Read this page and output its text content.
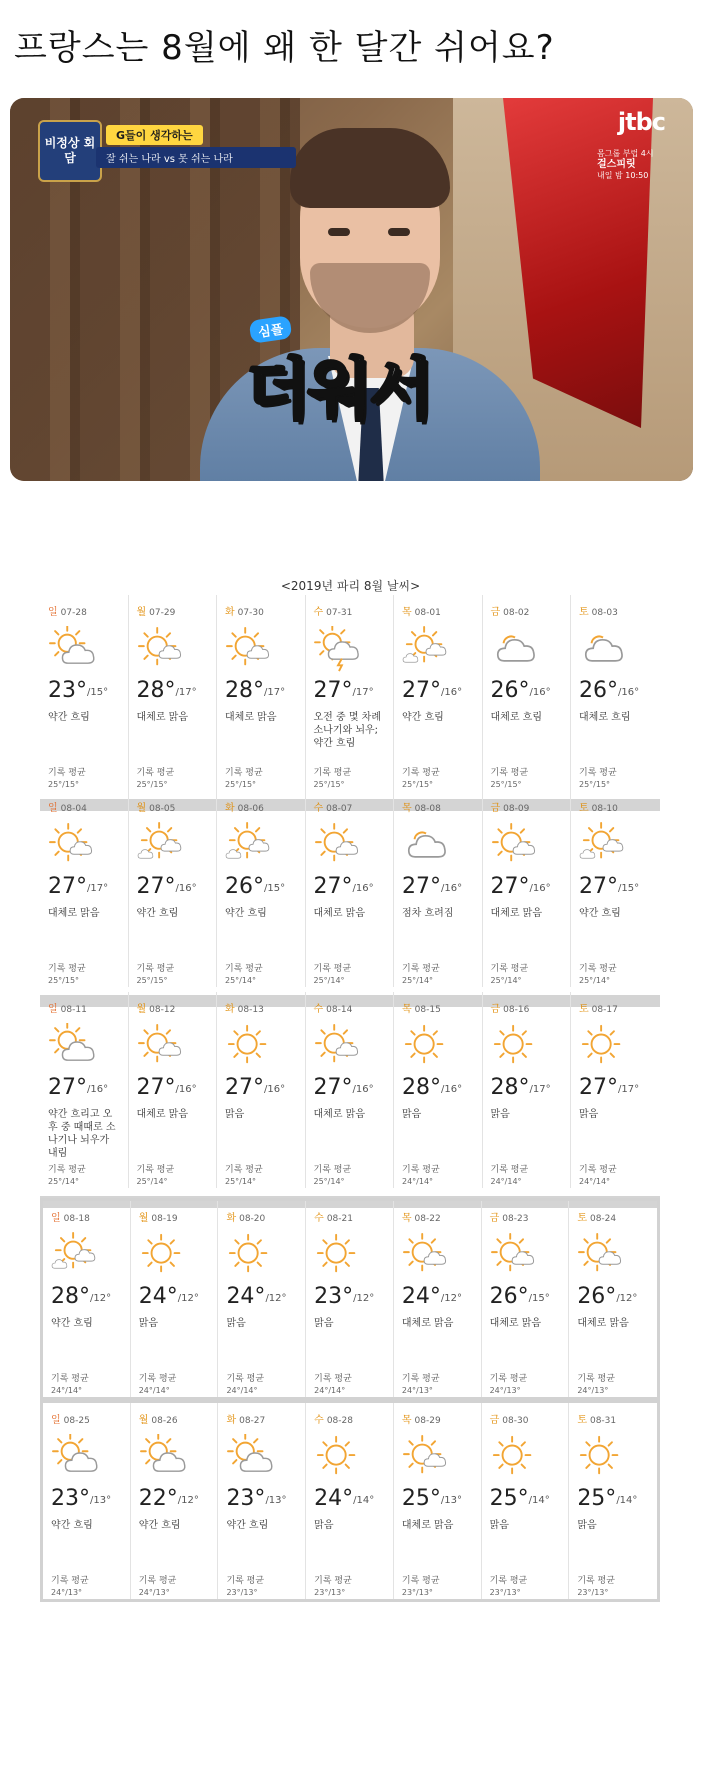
프랑스는 8월에 왜 한 달간 쉬어요?
비정상 회담
G들이 생각하는
잘 쉬는 나라 vs 못 쉬는 나라
jtbc
몸그룹 부럽 4시
걸스피릿
내일 밤 10:50
심플
더워서
<2019년 파리 8월 날씨>
일 07-28
23°/15°
약간 흐림
기록 평균
25°/15°
월 07-29
28°/17°
대체로 맑음
기록 평균
25°/15°
화 07-30
28°/17°
대체로 맑음
기록 평균
25°/15°
수 07-31
27°/17°
오전 중 몇 차례 소나기와 뇌우; 약간 흐림
기록 평균
25°/15°
목 08-01
27°/16°
약간 흐림
기록 평균
25°/15°
금 08-02
26°/16°
대체로 흐림
기록 평균
25°/15°
토 08-03
26°/16°
대체로 흐림
기록 평균
25°/15°
일 08-04
27°/17°
대체로 맑음
기록 평균
25°/15°
월 08-05
27°/16°
약간 흐림
기록 평균
25°/15°
화 08-06
26°/15°
약간 흐림
기록 평균
25°/14°
수 08-07
27°/16°
대체로 맑음
기록 평균
25°/14°
목 08-08
27°/16°
점차 흐려짐
기록 평균
25°/14°
금 08-09
27°/16°
대체로 맑음
기록 평균
25°/14°
토 08-10
27°/15°
약간 흐림
기록 평균
25°/14°
일 08-11
27°/16°
약간 흐리고 오후 중 때때로 소나기나 뇌우가 내림
기록 평균
25°/14°
월 08-12
27°/16°
대체로 맑음
기록 평균
25°/14°
화 08-13
27°/16°
맑음
기록 평균
25°/14°
수 08-14
27°/16°
대체로 맑음
기록 평균
25°/14°
목 08-15
28°/16°
맑음
기록 평균
24°/14°
금 08-16
28°/17°
맑음
기록 평균
24°/14°
토 08-17
27°/17°
맑음
기록 평균
24°/14°
일 08-18
28°/12°
약간 흐림
기록 평균
24°/14°
월 08-19
24°/12°
맑음
기록 평균
24°/14°
화 08-20
24°/12°
맑음
기록 평균
24°/14°
수 08-21
23°/12°
맑음
기록 평균
24°/14°
목 08-22
24°/12°
대체로 맑음
기록 평균
24°/13°
금 08-23
26°/15°
대체로 맑음
기록 평균
24°/13°
토 08-24
26°/12°
대체로 맑음
기록 평균
24°/13°
일 08-25
23°/13°
약간 흐림
기록 평균
24°/13°
월 08-26
22°/12°
약간 흐림
기록 평균
24°/13°
화 08-27
23°/13°
약간 흐림
기록 평균
23°/13°
수 08-28
24°/14°
맑음
기록 평균
23°/13°
목 08-29
25°/13°
대체로 맑음
기록 평균
23°/13°
금 08-30
25°/14°
맑음
기록 평균
23°/13°
토 08-31
25°/14°
맑음
기록 평균
23°/13°
